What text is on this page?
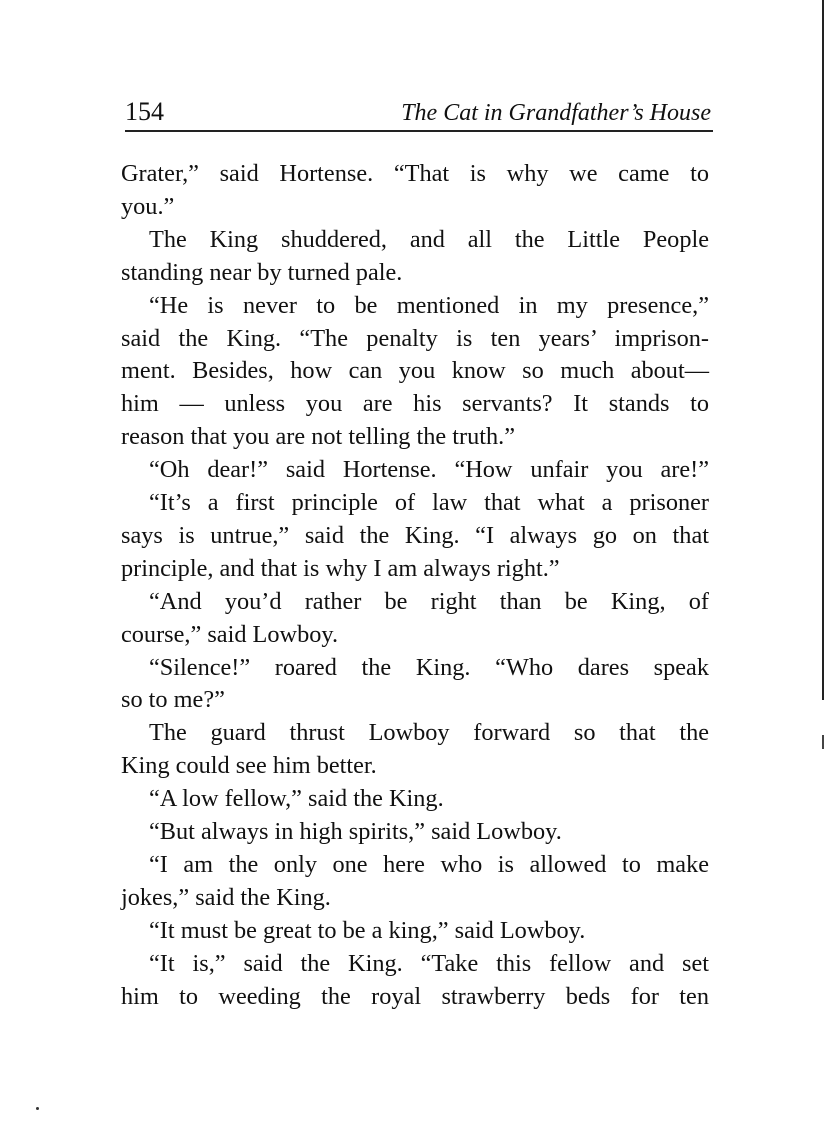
154	The Cat in Grandfather’s House
Grater,” said Hortense. “That is why we came to
you.”
The King shuddered, and all the Little People
standing near by turned pale.
“He is never to be mentioned in my presence,”
said the King. “The penalty is ten years’ imprison-
ment. Besides, how can you know so much about—
him — unless you are his servants? It stands to
reason that you are not telling the truth.”
“Oh dear!” said Hortense. “How unfair you are!”
“It’s a first principle of law that what a prisoner
says is untrue,” said the King. “I always go on that
principle, and that is why I am always right.”
“And you’d rather be right than be King, of
course,” said Lowboy.
“Silence!” roared the King. “Who dares speak
so to me?”
The guard thrust Lowboy forward so that the
King could see him better.
“A low fellow,” said the King.
“But always in high spirits,” said Lowboy.
“I am the only one here who is allowed to make
jokes,” said the King.
“It must be great to be a king,” said Lowboy.
“It is,” said the King. “Take this fellow and set
him to weeding the royal strawberry beds for ten
